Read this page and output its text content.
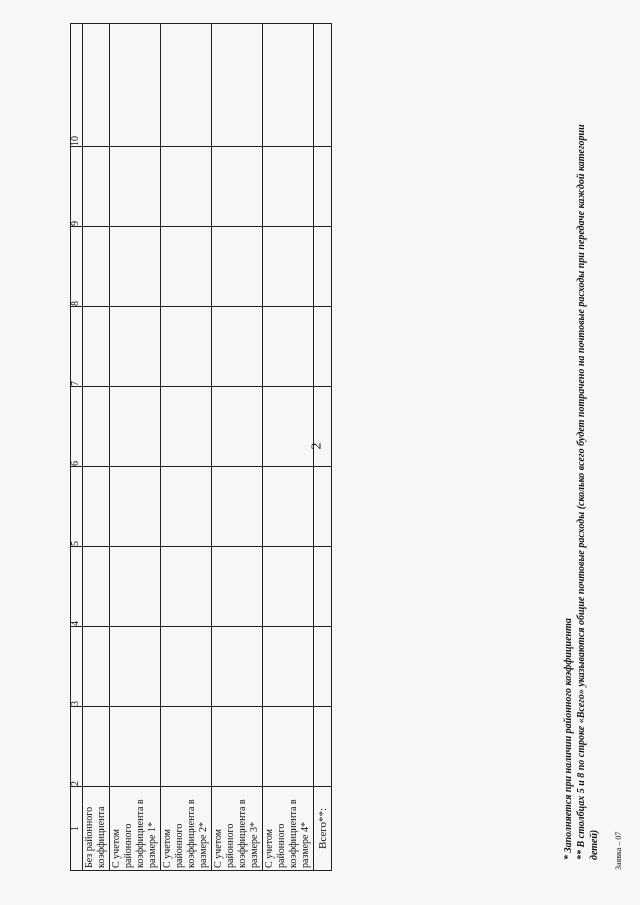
2
1	2	3	4	5	6	7	8	9	10
Без районного коэффициента									
С учетом районного коэффициента в размере 1*									
С учетом районного коэффициента в размере 2*									
С учетом районного коэффициента в размере 3*									
С учетом районного коэффициента в размере 4*									
Всего**:										* Заполняется при наличии районного коэффициента ** В столбцах 5 и 8 по строке «Всего» указываются общие почтовые расходы (сколько всего будет потрачено на почтовые расходы при передаче каждой категории детей) Заявка – 07
